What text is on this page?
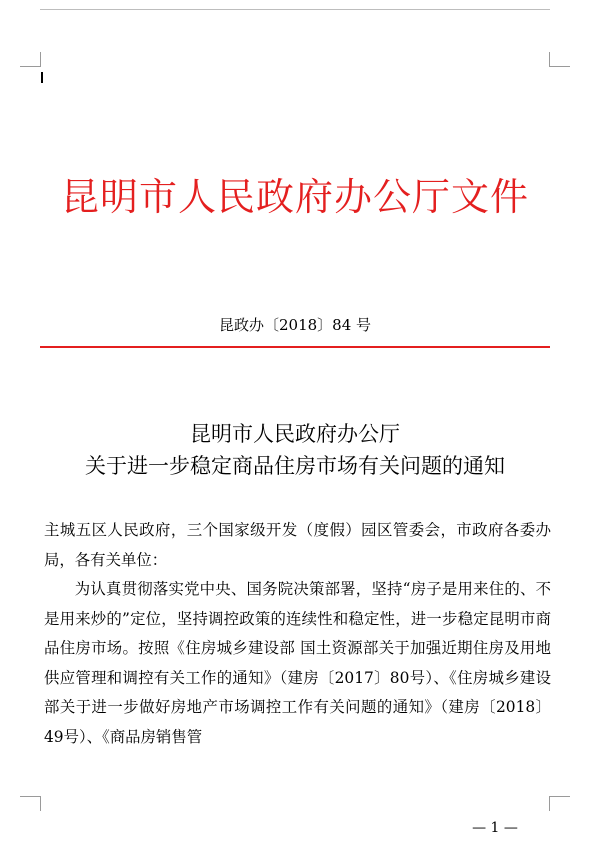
昆明市人民政府办公厅文件
昆政办〔2018〕84 号
昆明市人民政府办公厅
关于进一步稳定商品住房市场有关问题的通知

主城五区人民政府，三个国家级开发（度假）园区管委会，市政府各委办局，各有关单位：

为认真贯彻落实党中央、国务院决策部署，坚持“房子是用来住的、不是用来炒的”定位，坚持调控政策的连续性和稳定性，进一步稳定昆明市商品住房市场。按照《住房城乡建设部 国土资源部关于加强近期住房及用地供应管理和调控有关工作的通知》（建房〔2017〕80号）、《住房城乡建设部关于进一步做好房地产市场调控工作有关问题的通知》（建房〔2018〕49号）、《商品房销售管

— 1 —
